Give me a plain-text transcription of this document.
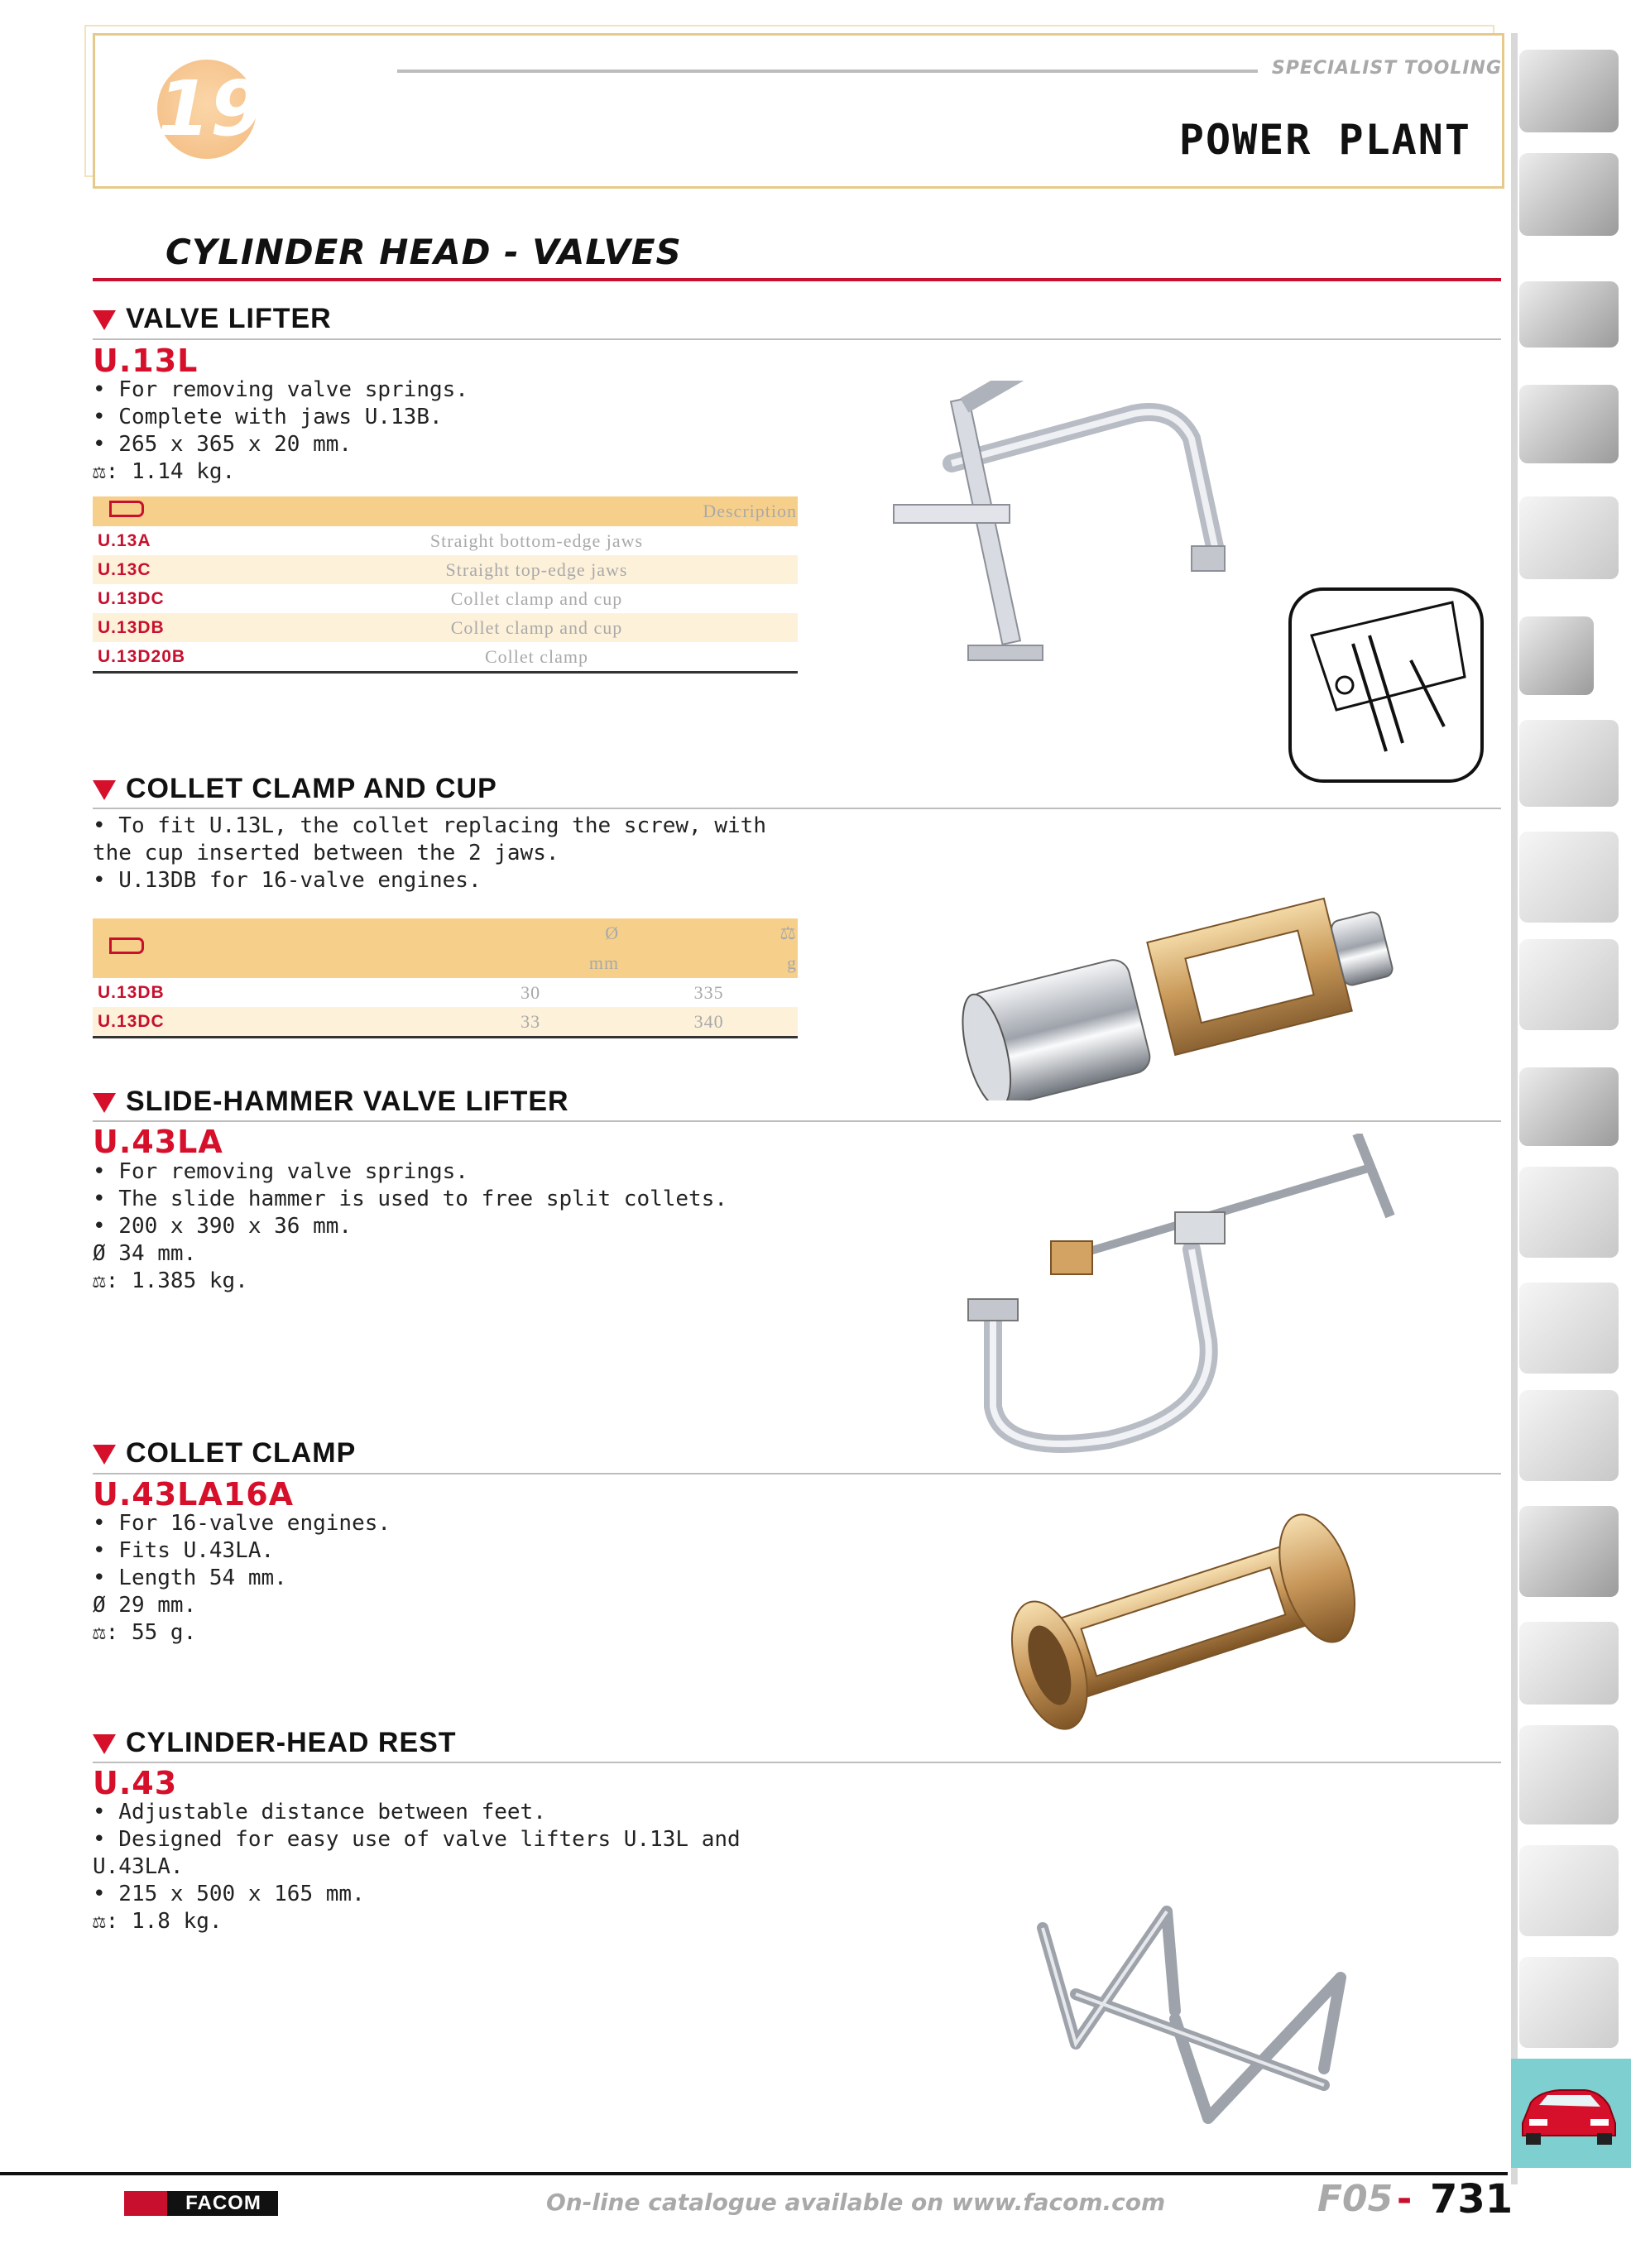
19	SPECIALIST TOOLING
POWER PLANT
CYLINDER HEAD - VALVES
VALVE LIFTER
U.13L
• For removing valve springs.
• Complete with jaws U.13B.
• 265 x 365 x 20 mm.
⚖: 1.14 kg.
	Description
U.13A	Straight bottom-edge jaws
U.13C	Straight top-edge jaws
U.13DC	Collet clamp and cup
U.13DB	Collet clamp and cup
U.13D20B	Collet clamp
COLLET CLAMP AND CUP
• To fit U.13L, the collet replacing the screw, with
the cup inserted between the 2 jaws.
• U.13DB for 16-valve engines.
	Ø	⚖
	mm	g
U.13DB	30	335
U.13DC	33	340
SLIDE-HAMMER VALVE LIFTER
U.43LA
• For removing valve springs.
• The slide hammer is used to free split collets.
• 200 x 390 x 36 mm.
Ø 34 mm.
⚖: 1.385 kg.
COLLET CLAMP
U.43LA16A
• For 16-valve engines.
• Fits U.43LA.
• Length 54 mm.
Ø 29 mm.
⚖: 55 g.
CYLINDER-HEAD REST
U.43
• Adjustable distance between feet.
• Designed for easy use of valve lifters U.13L and
U.43LA.
• 215 x 500 x 165 mm.
⚖: 1.8 kg.
FACOM	On-line catalogue available on www.facom.com	F05 - 731
